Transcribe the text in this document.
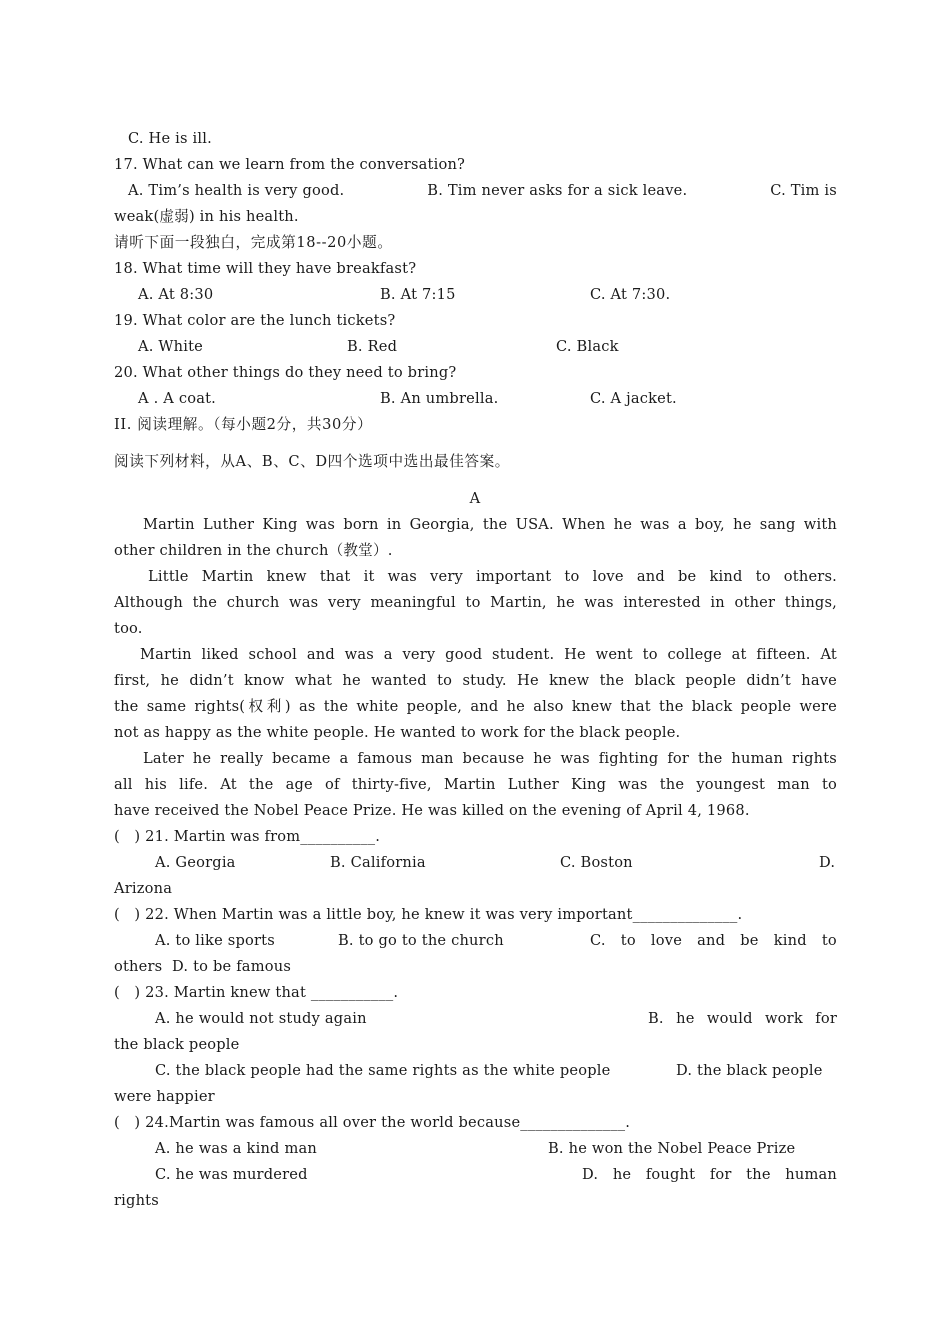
C. He is ill.
17. What can we learn from the conversation?
A. Tim’s health is very good.	B. Tim never asks for a sick leave.	C. Tim is
weak(虚弱) in his health.
请听下面一段独白，完成第18--20小题。
18. What time will they have breakfast?
A. At 8:30	B. At 7:15	C. At 7:30.
19. What color are the lunch tickets?
A. White	B. Red	C. Black
20. What other things do they need to bring?
A . A coat.	B. An umbrella.	C. A jacket.
II. 阅读理解。（每小题2分，共30分）
阅读下列材料，从A、B、C、D四个选项中选出最佳答案。
A
Martin Luther King was born in Georgia, the USA. When he was a boy, he sang with
other children in the church（教堂）.
Little Martin knew that it was very important to love and be kind to others.
Although the church was very meaningful to Martin, he was interested in other things,
too.
Martin liked school and was a very good student. He went to college at fifteen. At
first, he didn’t know what he wanted to study. He knew the black people didn’t have
the same rights(权利) as the white people, and he also knew that the black people were
not as happy as the white people. He wanted to work for the black people.
Later he really became a famous man because he was fighting for the human rights
all his life. At the age of thirty-five, Martin Luther King was the youngest man to
have received the Nobel Peace Prize. He was killed on the evening of April 4, 1968.
(   ) 21. Martin was from__________.
A. Georgia	B. California	C. Boston	D.
Arizona
(   ) 22. When Martin was a little boy, he knew it was very important______________.
A. to like sports	B. to go to the church	C. to love and be kind to
others  D. to be famous
(   ) 23. Martin knew that ___________.
A. he would not study again	B. he would work for
the black people
C. the black people had the same rights as the white people	D. the black people
were happier
(   ) 24.Martin was famous all over the world because______________.
A. he was a kind man	B. he won the Nobel Peace Prize
C. he was murdered	D. he fought for the human
rights
